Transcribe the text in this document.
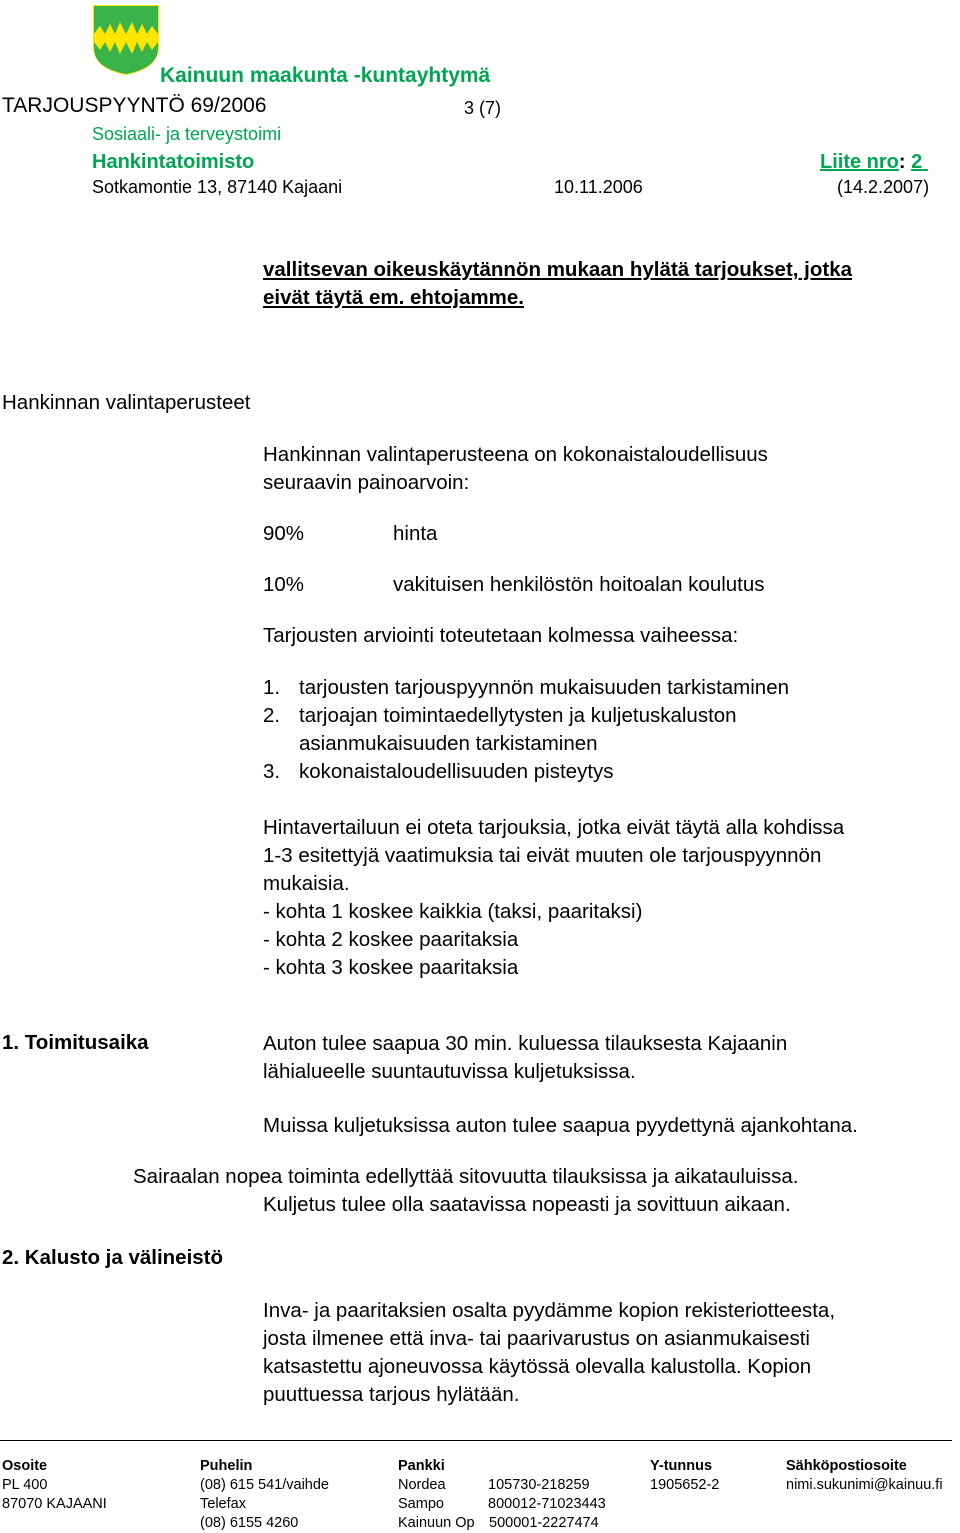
Kainuun maakunta -kuntayhtymä
TARJOUSPYYNTÖ 69/2006	3 (7)
Sosiaali- ja terveystoimi
Hankintatoimisto	Liite nro: 2
Sotkamontie 13, 87140 Kajaani	10.11.2006	(14.2.2007)
vallitsevan oikeuskäytännön mukaan hylätä tarjoukset, jotka
eivät täytä em. ehtojamme.
Hankinnan valintaperusteet
Hankinnan valintaperusteena on kokonaistaloudellisuus
seuraavin painoarvoin:
90%	hinta
10%	vakituisen henkilöstön hoitoalan koulutus
Tarjousten arviointi toteutetaan kolmessa vaiheessa:
1. tarjousten tarjouspyynnön mukaisuuden tarkistaminen
2. tarjoajan toimintaedellytysten ja kuljetuskaluston
asianmukaisuuden tarkistaminen
3. kokonaistaloudellisuuden pisteytys
Hintavertailuun ei oteta tarjouksia, jotka eivät täytä alla kohdissa
1-3 esitettyjä vaatimuksia tai eivät muuten ole tarjouspyynnön
mukaisia.
- kohta 1 koskee kaikkia (taksi, paaritaksi)
- kohta 2 koskee paaritaksia
- kohta 3 koskee paaritaksia
1. Toimitusaika	Auton tulee saapua 30 min. kuluessa tilauksesta Kajaanin
lähialueelle suuntautuvissa kuljetuksissa.
Muissa kuljetuksissa auton tulee saapua pyydettynä ajankohtana.
Sairaalan nopea toiminta edellyttää sitovuutta tilauksissa ja aikatauluissa.
Kuljetus tulee olla saatavissa nopeasti ja sovittuun aikaan.
2. Kalusto ja välineistö
Inva- ja paaritaksien osalta pyydämme kopion rekisteriotteesta,
josta ilmenee että inva- tai paarivarustus on asianmukaisesti
katsastettu ajoneuvossa käytössä olevalla kalustolla. Kopion
puuttuessa tarjous hylätään.
Osoite
PL 400
87070 KAJAANI
Puhelin
(08) 615 541/vaihde
Telefax
(08) 6155 4260
Pankki
Nordea	105730-218259
Sampo	800012-71023443
Kainuun Op 500001-2227474
Y-tunnus
1905652-2
Sähköpostiosoite
nimi.sukunimi@kainuu.fi
